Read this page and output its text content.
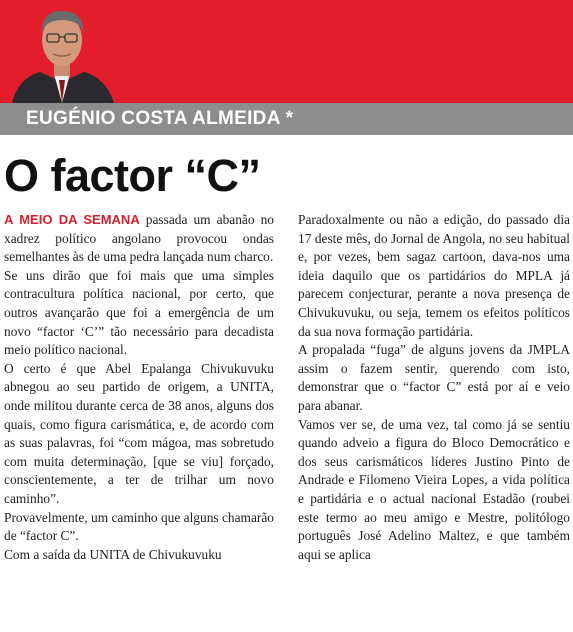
EUGÉNIO COSTA ALMEIDA *
O factor “C”

A MEIO DA SEMANA passada um abanão no xadrez político angolano provocou ondas semelhantes às de uma pedra lançada num charco.

Se uns dirão que foi mais que uma simples contracultura política nacional, por certo, que outros avançarão que foi a emergência de um novo “factor ‘C’” tão necessário para decadista meio político nacional.

O certo é que Abel Epalanga Chivukuvuku abnegou ao seu partido de origem, a UNITA, onde militou durante cerca de 38 anos, alguns dos quais, como figura carismática, e, de acordo com as suas palavras, foi “com mágoa, mas sobretudo com muita determinação, [que se viu] forçado, conscientemente, a ter de trilhar um novo caminho”.

Provavelmente, um caminho que alguns chamarão de “factor C”.

Com a saída da UNITA de Chivukuvuku

Paradoxalmente ou não a edição, do passado dia 17 deste mês, do Jornal de Angola, no seu habitual e, por vezes, bem sagaz cartoon, dava-nos uma ideia daquilo que os partidários do MPLA já parecem conjecturar, perante a nova presença de Chivukuvuku, ou seja, temem os efeitos políticos da sua nova formação partidária.

A propalada “fuga” de alguns jovens da JMPLA assim o fazem sentir, querendo com isto, demonstrar que o “factor C” está por aí e veio para abanar.

Vamos ver se, de uma vez, tal como já se sentiu quando adveio a figura do Bloco Democrático e dos seus carismáticos líderes Justino Pinto de Andrade e Filomeno Vieira Lopes, a vida política e partidária e o actual nacional Estadão (roubei este termo ao meu amigo e Mestre, politólogo português José Adelino Maltez, e que também aqui se aplica
